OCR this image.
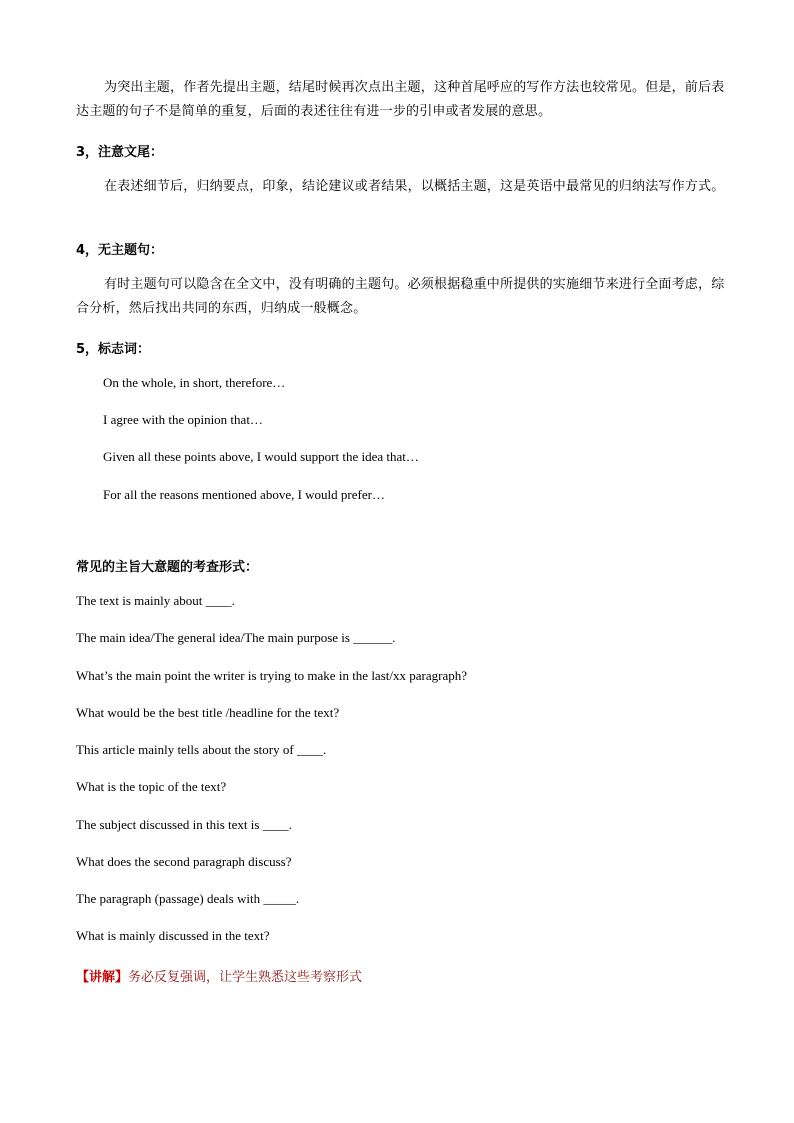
为突出主题，作者先提出主题，结尾时候再次点出主题，这种首尾呼应的写作方法也较常见。但是，前后表达主题的句子不是简单的重复，后面的表述往往有进一步的引申或者发展的意思。

3，注意文尾：

在表述细节后，归纳要点，印象，结论建议或者结果，以概括主题，这是英语中最常见的归纳法写作方式。

4，无主题句：

有时主题句可以隐含在全文中，没有明确的主题句。必须根据稳重中所提供的实施细节来进行全面考虑，综合分析，然后找出共同的东西，归纳成一般概念。

5，标志词：

On the whole, in short, therefore…

I agree with the opinion that…

Given all these points above, I would support the idea that…

For all the reasons mentioned above, I would prefer…

常见的主旨大意题的考查形式：

The text is mainly about ____.

The main idea/The general idea/The main purpose is ______.

What’s the main point the writer is trying to make in the last/xx paragraph?

What would be the best title /headline for the text?

This article mainly tells about the story of ____.

What is the topic of the text?

The subject discussed in this text is ____.

What does the second paragraph discuss?

The paragraph (passage) deals with _____.

What is mainly discussed in the text?

【讲解】务必反复强调，让学生熟悉这些考察形式
